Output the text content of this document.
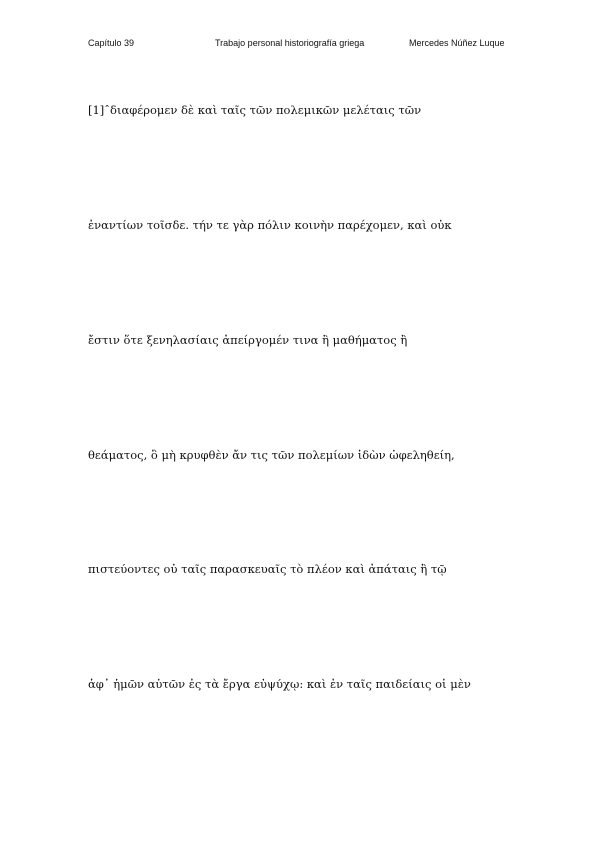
Capítulo 39	Trabajo personal historiografía griega	Mercedes Núñez Luque
[1]ˆδιαφέρομεν δὲ καὶ ταῖς τῶν πολεμικῶν μελέταις τῶν
ἐναντίων τοῖσδε. τήν τε γὰρ πόλιν κοινὴν παρέχομεν, καὶ οὐκ
ἔστιν ὅτε ξενηλασίαις ἀπείργομέν τινα ἢ μαθήματος ἢ
θεάματος, ὃ μὴ κρυφθὲν ἄν τις τῶν πολεμίων ἰδὼν ὠφεληθείη,
πιστεύοντες οὐ ταῖς παρασκευαῖς τὸ πλέον καὶ ἀπάταις ἢ τῷ
ἀφ᾽ ἡμῶν αὐτῶν ἐς τὰ ἔργα εὐψύχῳ: καὶ ἐν ταῖς παιδείαις οἱ μὲν
